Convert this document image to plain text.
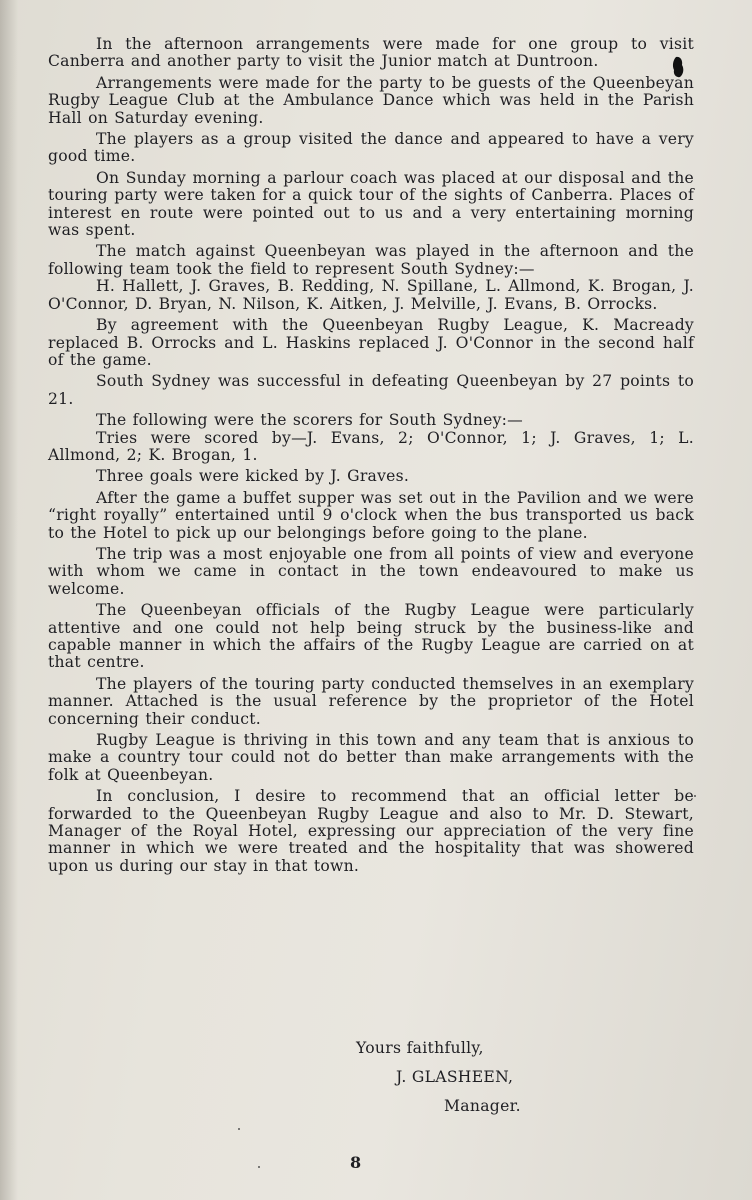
In the afternoon arrangements were made for one group to visit Canberra and another party to visit the Junior match at Duntroon.

Arrangements were made for the party to be guests of the Queenbeyan Rugby League Club at the Ambulance Dance which was held in the Parish Hall on Saturday evening.

The players as a group visited the dance and appeared to have a very good time.

On Sunday morning a parlour coach was placed at our disposal and the touring party were taken for a quick tour of the sights of Canberra. Places of interest en route were pointed out to us and a very entertaining morning was spent.

The match against Queenbeyan was played in the afternoon and the following team took the field to represent South Sydney:—

H. Hallett, J. Graves, B. Redding, N. Spillane, L. Allmond, K. Brogan, J. O'Connor, D. Bryan, N. Nilson, K. Aitken, J. Melville, J. Evans, B. Orrocks.

By agreement with the Queenbeyan Rugby League, K. Macready replaced B. Orrocks and L. Haskins replaced J. O'Connor in the second half of the game.

South Sydney was successful in defeating Queenbeyan by 27 points to 21.

The following were the scorers for South Sydney:—

Tries were scored by—J. Evans, 2; O'Connor, 1; J. Graves, 1; L. Allmond, 2; K. Brogan, 1.

Three goals were kicked by J. Graves.

After the game a buffet supper was set out in the Pavilion and we were “right royally” entertained until 9 o'clock when the bus transported us back to the Hotel to pick up our belongings before going to the plane.

The trip was a most enjoyable one from all points of view and everyone with whom we came in contact in the town endeavoured to make us welcome.

The Queenbeyan officials of the Rugby League were particularly attentive and one could not help being struck by the business-like and capable manner in which the affairs of the Rugby League are carried on at that centre.

The players of the touring party conducted themselves in an exemplary manner. Attached is the usual reference by the proprietor of the Hotel concerning their conduct.

Rugby League is thriving in this town and any team that is anxious to make a country tour could not do better than make arrangements with the folk at Queenbeyan.

In conclusion, I desire to recommend that an official letter be forwarded to the Queenbeyan Rugby League and also to Mr. D. Stewart, Manager of the Royal Hotel, expressing our appreciation of the very fine manner in which we were treated and the hospitality that was showered upon us during our stay in that town.

Yours faithfully,
J. GLASHEEN,
Manager.
8
